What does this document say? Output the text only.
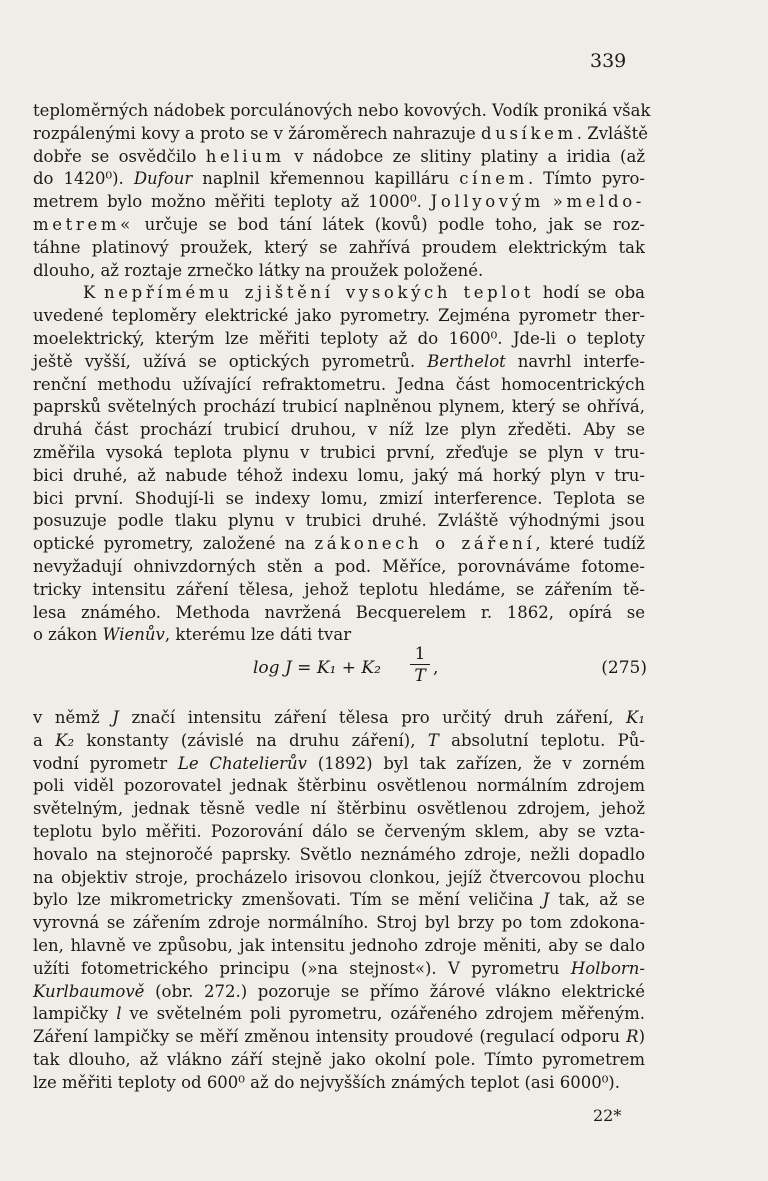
339
teploměrných nádobek porculánových nebo kovových. Vodík proniká však
rozpálenými kovy a proto se v žároměrech nahrazuje dusíkem. Zvláště
dobře se osvědčilo helium v nádobce ze slitiny platiny a iridia (až
do 1420⁰). Dufour naplnil křemennou kapilláru cínem. Tímto pyro-
metrem bylo možno měřiti teploty až 1000⁰. Jollyovým »meldo-
metrem« určuje se bod tání látek (kovů) podle toho, jak se roz-
táhne platinový proužek, který se zahřívá proudem elektrickým tak
dlouho, až roztaje zrnečko látky na proužek položené.
K nepřímému zjištění vysokých teplot hodí se oba
uvedené teploměry elektrické jako pyrometry. Zejména pyrometr ther-
moelektrický, kterým lze měřiti teploty až do 1600⁰. Jde-li o teploty
ještě vyšší, užívá se optických pyrometrů. Berthelot navrhl interfe-
renční methodu užívající refraktometru. Jedna část homocentrických
paprsků světelných prochází trubicí naplněnou plynem, který se ohřívá,
druhá část prochází trubicí druhou, v níž lze plyn zředěti. Aby se
změřila vysoká teplota plynu v trubici první, zřeďuje se plyn v tru-
bici druhé, až nabude téhož indexu lomu, jaký má horký plyn v tru-
bici první. Shodují-li se indexy lomu, zmizí interference. Teplota se
posuzuje podle tlaku plynu v trubici druhé. Zvláště výhodnými jsou
optické pyrometry, založené na zákonech o záření, které tudíž
nevyžadují ohnivzdorných stěn a pod. Měříce, porovnáváme fotome-
tricky intensitu záření tělesa, jehož teplotu hledáme, se zářením tě-
lesa známého. Methoda navržená Becquerelem r. 1862, opírá se
o zákon Wienův, kterému lze dáti tvar
$\log J = K_1 + K_2 \frac{1}{T}$ ,	(275)
v němž J značí intensitu záření tělesa pro určitý druh záření, K₁
a K₂ konstanty (závislé na druhu záření), T absolutní teplotu. Pů-
vodní pyrometr Le Chatelierův (1892) byl tak zařízen, že v zorném
poli viděl pozorovatel jednak štěrbinu osvětlenou normálním zdrojem
světelným, jednak těsně vedle ní štěrbinu osvětlenou zdrojem, jehož
teplotu bylo měřiti. Pozorování dálo se červeným sklem, aby se vzta-
hovalo na stejnoročé paprsky. Světlo neznámého zdroje, nežli dopadlo
na objektiv stroje, procházelo irisovou clonkou, jejíž čtvercovou plochu
bylo lze mikrometricky zmenšovati. Tím se mění veličina J tak, až se
vyrovná se zářením zdroje normálního. Stroj byl brzy po tom zdokona-
len, hlavně ve způsobu, jak intensitu jednoho zdroje měniti, aby se dalo
užíti fotometrického principu (»na stejnost«). V pyrometru Holborn-
Kurlbaumově (obr. 272.) pozoruje se přímo žárové vlákno elektrické
lampičky l ve světelném poli pyrometru, ozářeného zdrojem měřeným.
Záření lampičky se měří změnou intensity proudové (regulací odporu R)
tak dlouho, až vlákno září stejně jako okolní pole. Tímto pyrometrem
lze měřiti teploty od 600⁰ až do nejvyšších známých teplot (asi 6000⁰).
22*
